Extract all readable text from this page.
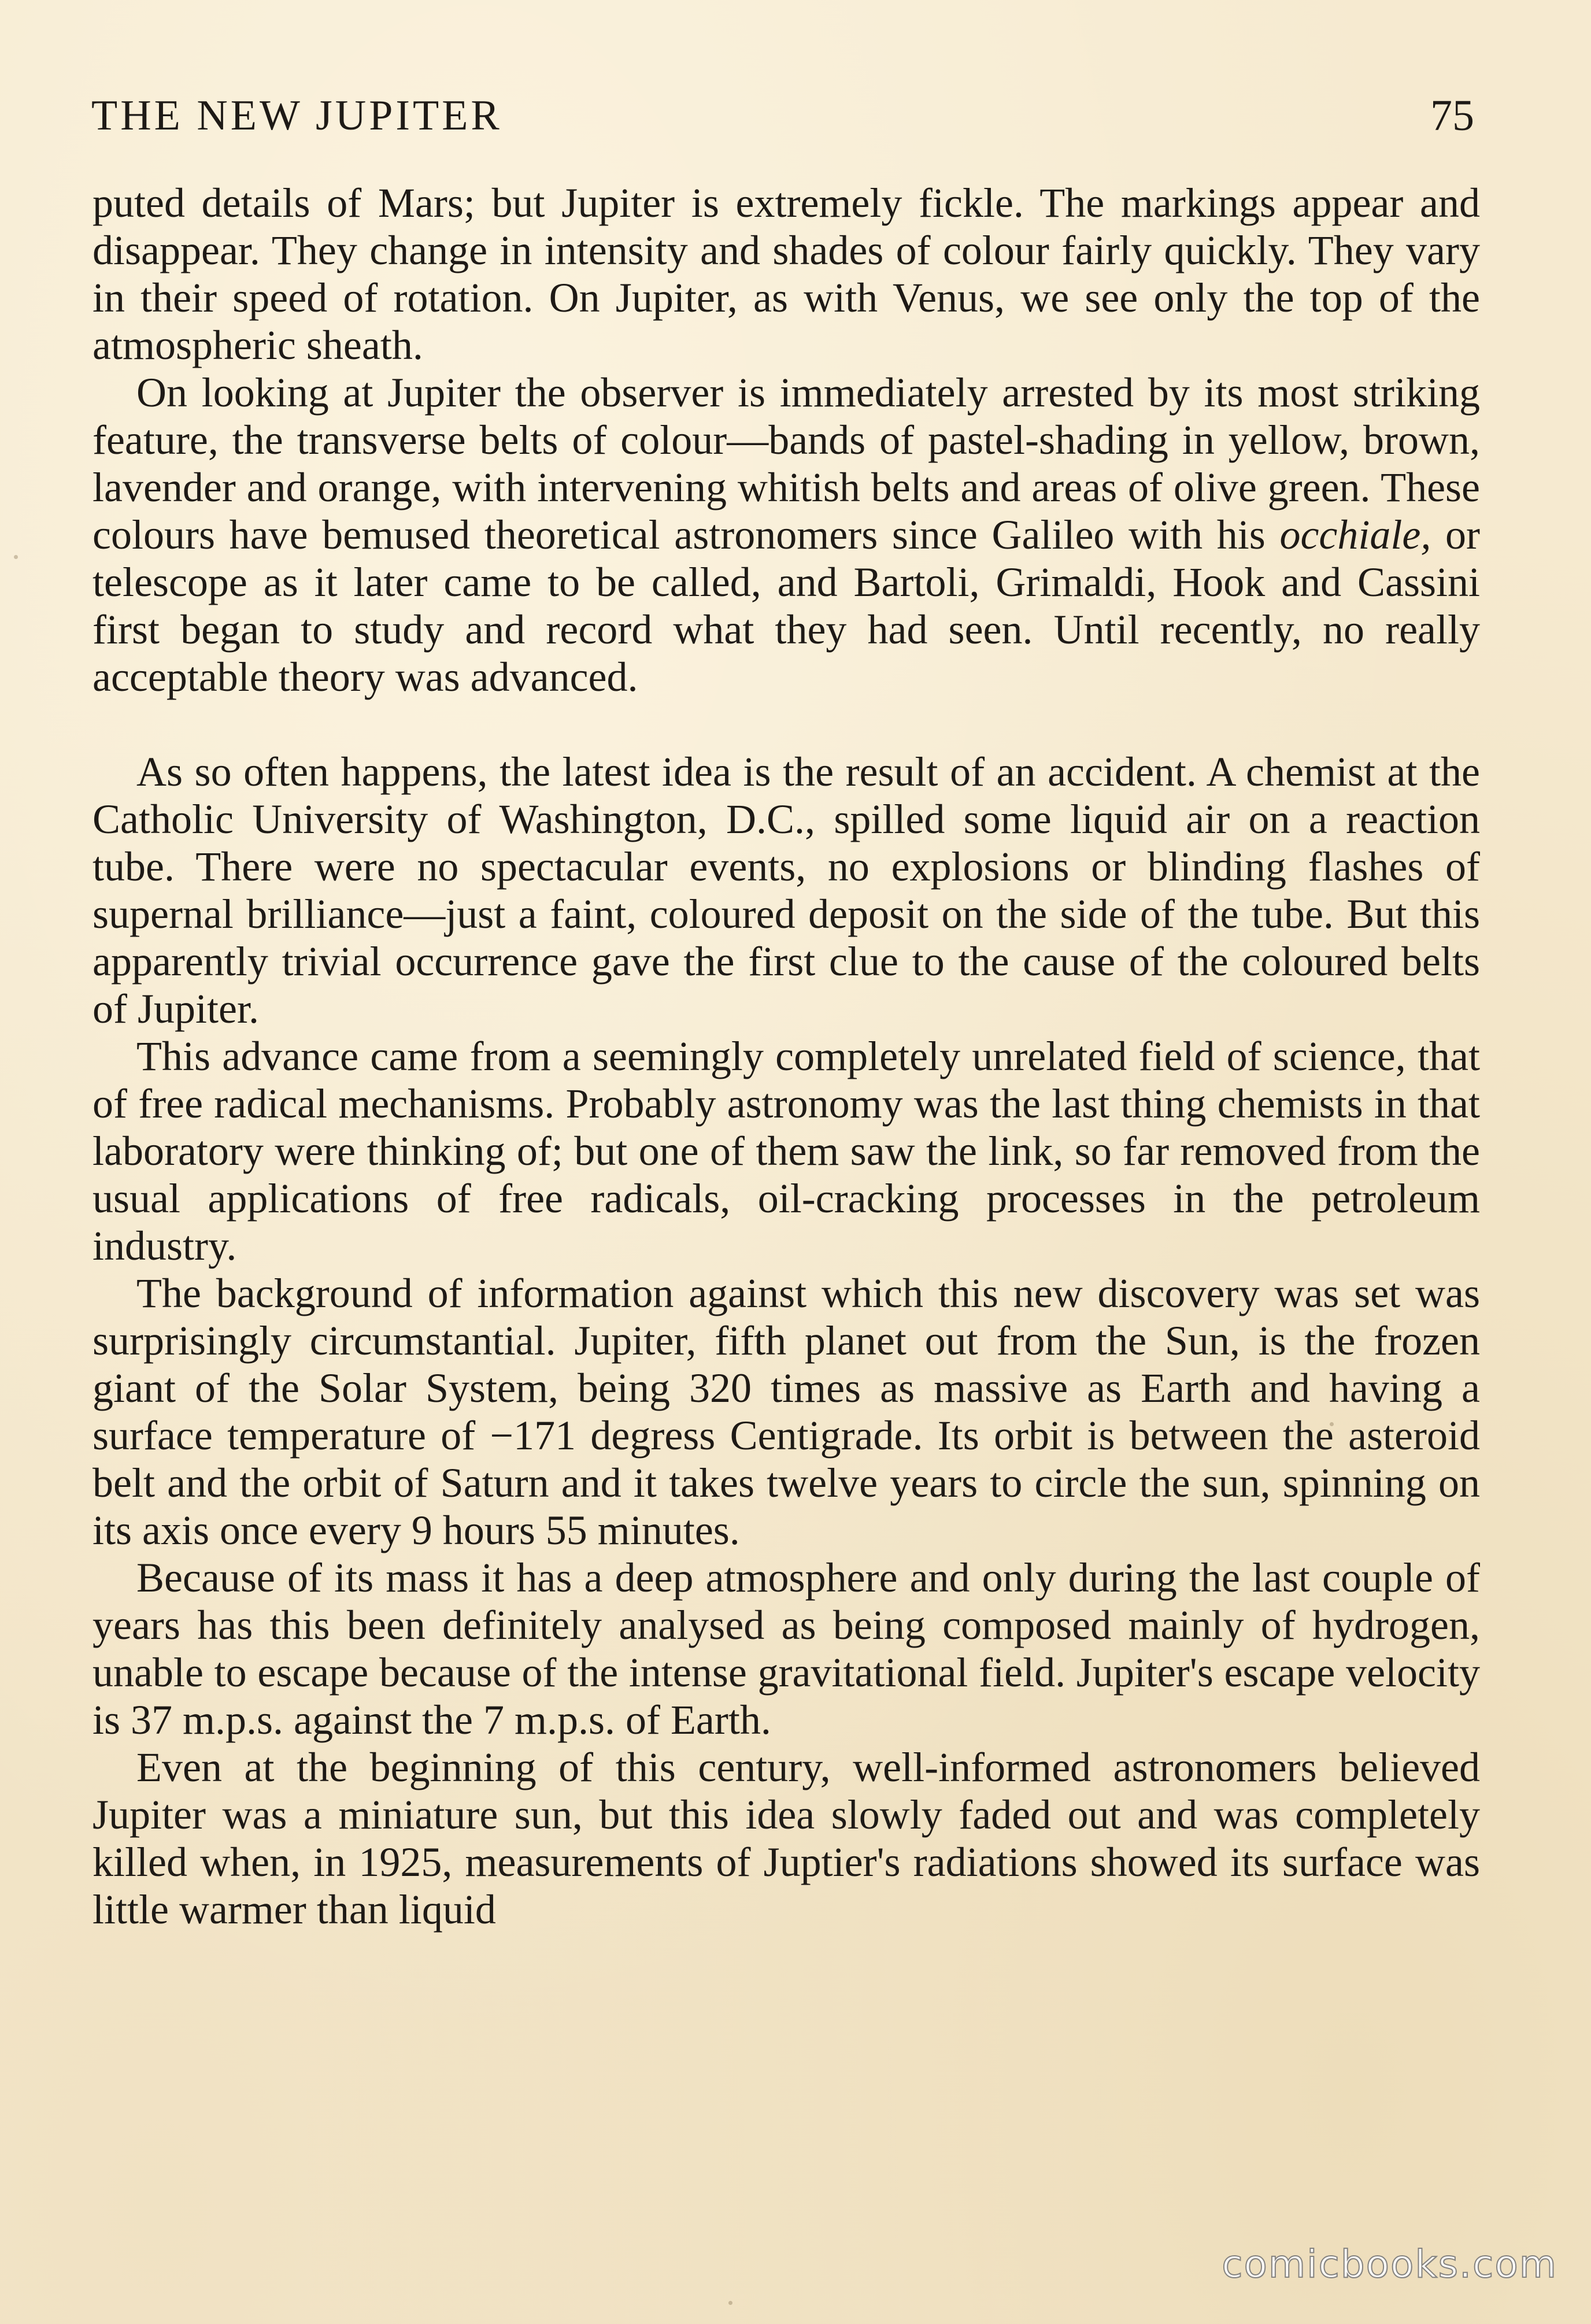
THE NEW JUPITER	75

puted details of Mars; but Jupiter is extremely fickle. The markings appear and disappear. They change in intensity and shades of colour fairly quickly. They vary in their speed of rotation. On Jupiter, as with Venus, we see only the top of the atmospheric sheath.

On looking at Jupiter the observer is immediately arrested by its most striking feature, the transverse belts of colour—bands of pastel-shading in yellow, brown, lavender and orange, with intervening whitish belts and areas of olive green. These colours have bemused theoretical astronomers since Galileo with his occhiale, or telescope as it later came to be called, and Bartoli, Grimaldi, Hook and Cassini first began to study and record what they had seen. Until recently, no really acceptable theory was advanced.

As so often happens, the latest idea is the result of an accident. A chemist at the Catholic University of Washington, D.C., spilled some liquid air on a reaction tube. There were no spectacular events, no explosions or blinding flashes of supernal brilliance—just a faint, coloured deposit on the side of the tube. But this apparently trivial occurrence gave the first clue to the cause of the coloured belts of Jupiter.

This advance came from a seemingly completely unrelated field of science, that of free radical mechanisms. Probably astronomy was the last thing chemists in that laboratory were thinking of; but one of them saw the link, so far removed from the usual applications of free radicals, oil-cracking processes in the petroleum industry.

The background of information against which this new discovery was set was surprisingly circumstantial. Jupiter, fifth planet out from the Sun, is the frozen giant of the Solar System, being 320 times as massive as Earth and having a surface temperature of −171 degress Centigrade. Its orbit is between the asteroid belt and the orbit of Saturn and it takes twelve years to circle the sun, spinning on its axis once every 9 hours 55 minutes.

Because of its mass it has a deep atmosphere and only during the last couple of years has this been definitely analysed as being composed mainly of hydrogen, unable to escape because of the intense gravitational field. Jupiter's escape velocity is 37 m.p.s. against the 7 m.p.s. of Earth.

Even at the beginning of this century, well-informed astronomers believed Jupiter was a miniature sun, but this idea slowly faded out and was completely killed when, in 1925, measurements of Juptier's radiations showed its surface was little warmer than liquid

comicbooks.com
